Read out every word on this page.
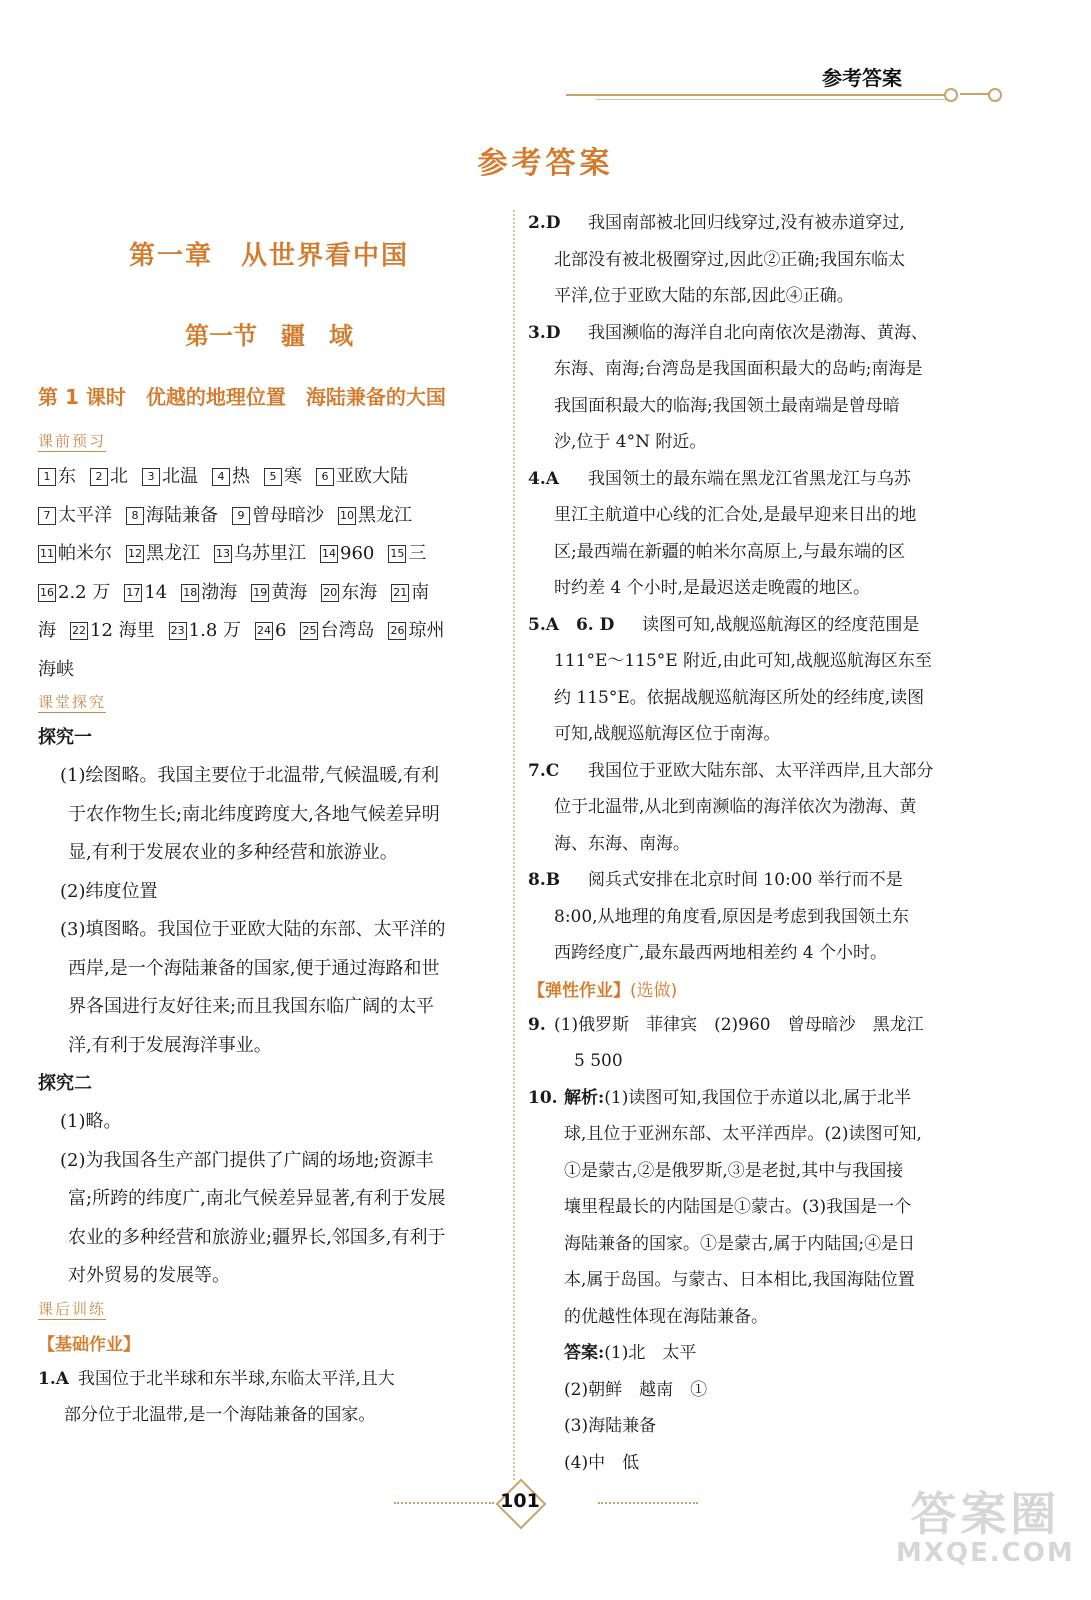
参考答案
参考答案
第一章　从世界看中国
第一节　疆　域
第 1 课时　优越的地理位置　海陆兼备的大国
课前预习
1 东 2 北 3 北温 4 热 5 寒 6 亚欧大陆
7 太平洋 8 海陆兼备 9 曾母暗沙 10 黑龙江
11 帕米尔 12 黑龙江 13 乌苏里江 14 960 15 三
16 2.2 万 17 14 18 渤海 19 黄海 20 东海 21 南
海 22 12 海里 23 1.8 万 24 6 25 台湾岛 26 琼州
海峡
课堂探究
探究一
(1)绘图略。我国主要位于北温带,气候温暖,有利
于农作物生长;南北纬度跨度大,各地气候差异明
显,有利于发展农业的多种经营和旅游业。
(2)纬度位置
(3)填图略。我国位于亚欧大陆的东部、太平洋的
西岸,是一个海陆兼备的国家,便于通过海路和世
界各国进行友好往来;而且我国东临广阔的太平
洋,有利于发展海洋事业。
探究二
(1)略。
(2)为我国各生产部门提供了广阔的场地;资源丰
富;所跨的纬度广,南北气候差异显著,有利于发展
农业的多种经营和旅游业;疆界长,邻国多,有利于
对外贸易的发展等。
课后训练
【基础作业】
1.A 我国位于北半球和东半球,东临太平洋,且大
部分位于北温带,是一个海陆兼备的国家。
2.D	我国南部被北回归线穿过,没有被赤道穿过,
北部没有被北极圈穿过,因此②正确;我国东临太
平洋,位于亚欧大陆的东部,因此④正确。
3.D	我国濒临的海洋自北向南依次是渤海、黄海、
东海、南海;台湾岛是我国面积最大的岛屿;南海是
我国面积最大的临海;我国领土最南端是曾母暗
沙,位于 4°N 附近。
4.A	我国领土的最东端在黑龙江省黑龙江与乌苏
里江主航道中心线的汇合处,是最早迎来日出的地
区;最西端在新疆的帕米尔高原上,与最东端的区
时约差 4 个小时,是最迟送走晚霞的地区。
5.A　6. D	读图可知,战舰巡航海区的经度范围是
111°E～115°E 附近,由此可知,战舰巡航海区东至
约 115°E。依据战舰巡航海区所处的经纬度,读图
可知,战舰巡航海区位于南海。
7.C	我国位于亚欧大陆东部、太平洋西岸,且大部分
位于北温带,从北到南濒临的海洋依次为渤海、黄
海、东海、南海。
8.B	阅兵式安排在北京时间 10:00 举行而不是
8:00,从地理的角度看,原因是考虑到我国领土东
西跨经度广,最东最西两地相差约 4 个小时。
【弹性作业】(选做)
9. (1)俄罗斯　菲律宾　(2)960　曾母暗沙　黑龙江
5 500
10. 解析:(1)读图可知,我国位于赤道以北,属于北半
球,且位于亚洲东部、太平洋西岸。(2)读图可知,
①是蒙古,②是俄罗斯,③是老挝,其中与我国接
壤里程最长的内陆国是①蒙古。(3)我国是一个
海陆兼备的国家。①是蒙古,属于内陆国;④是日
本,属于岛国。与蒙古、日本相比,我国海陆位置
的优越性体现在海陆兼备。
答案:(1)北　太平
(2)朝鲜　越南　①
(3)海陆兼备
(4)中　低
101	答案圈
MXQE.COM
